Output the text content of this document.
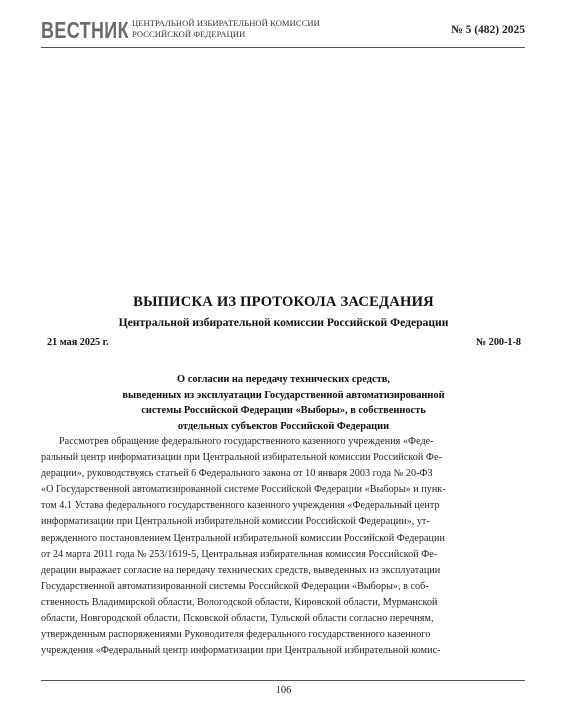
ВЕСТНИК ЦЕНТРАЛЬНОЙ ИЗБИРАТЕЛЬНОЙ КОМИССИИ
РОССИЙСКОЙ ФЕДЕРАЦИИ	№ 5 (482) 2025
ВЫПИСКА ИЗ ПРОТОКОЛА ЗАСЕДАНИЯ
Центральной избирательной комиссии Российской Федерации
21 мая 2025 г.	№ 200-1-8
О согласии на передачу технических средств,
выведенных из эксплуатации Государственной автоматизированной
системы Российской Федерации «Выборы», в собственность
отдельных субъектов Российской Федерации
Рассмотрев обращение федерального государственного казенного учреждения «Феде-
ральный центр информатизации при Центральной избирательной комиссии Российской Фе-
дерации», руководствуясь статьей 6 Федерального закона от 10 января 2003 года № 20-ФЗ
«О Государственной автоматизированной системе Российской Федерации «Выборы» и пунк-
том 4.1 Устава федерального государственного казенного учреждения «Федеральный центр
информатизации при Центральной избирательной комиссии Российской Федерации», ут-
вержденного постановлением Центральной избирательной комиссии Российской Федерации
от 24 марта 2011 года № 253/1619-5, Центральная избирательная комиссия Российской Фе-
дерации выражает согласие на передачу технических средств, выведенных из эксплуатации
Государственной автоматизированной системы Российской Федерации «Выборы», в соб-
ственность Владимирской области, Вологодской области, Кировской области, Мурманской
области, Новгородской области, Псковской области, Тульской области согласно перечням,
утвержденным распоряжениями Руководителя федерального государственного казенного
учреждения «Федеральный центр информатизации при Центральной избирательной комис-
106
